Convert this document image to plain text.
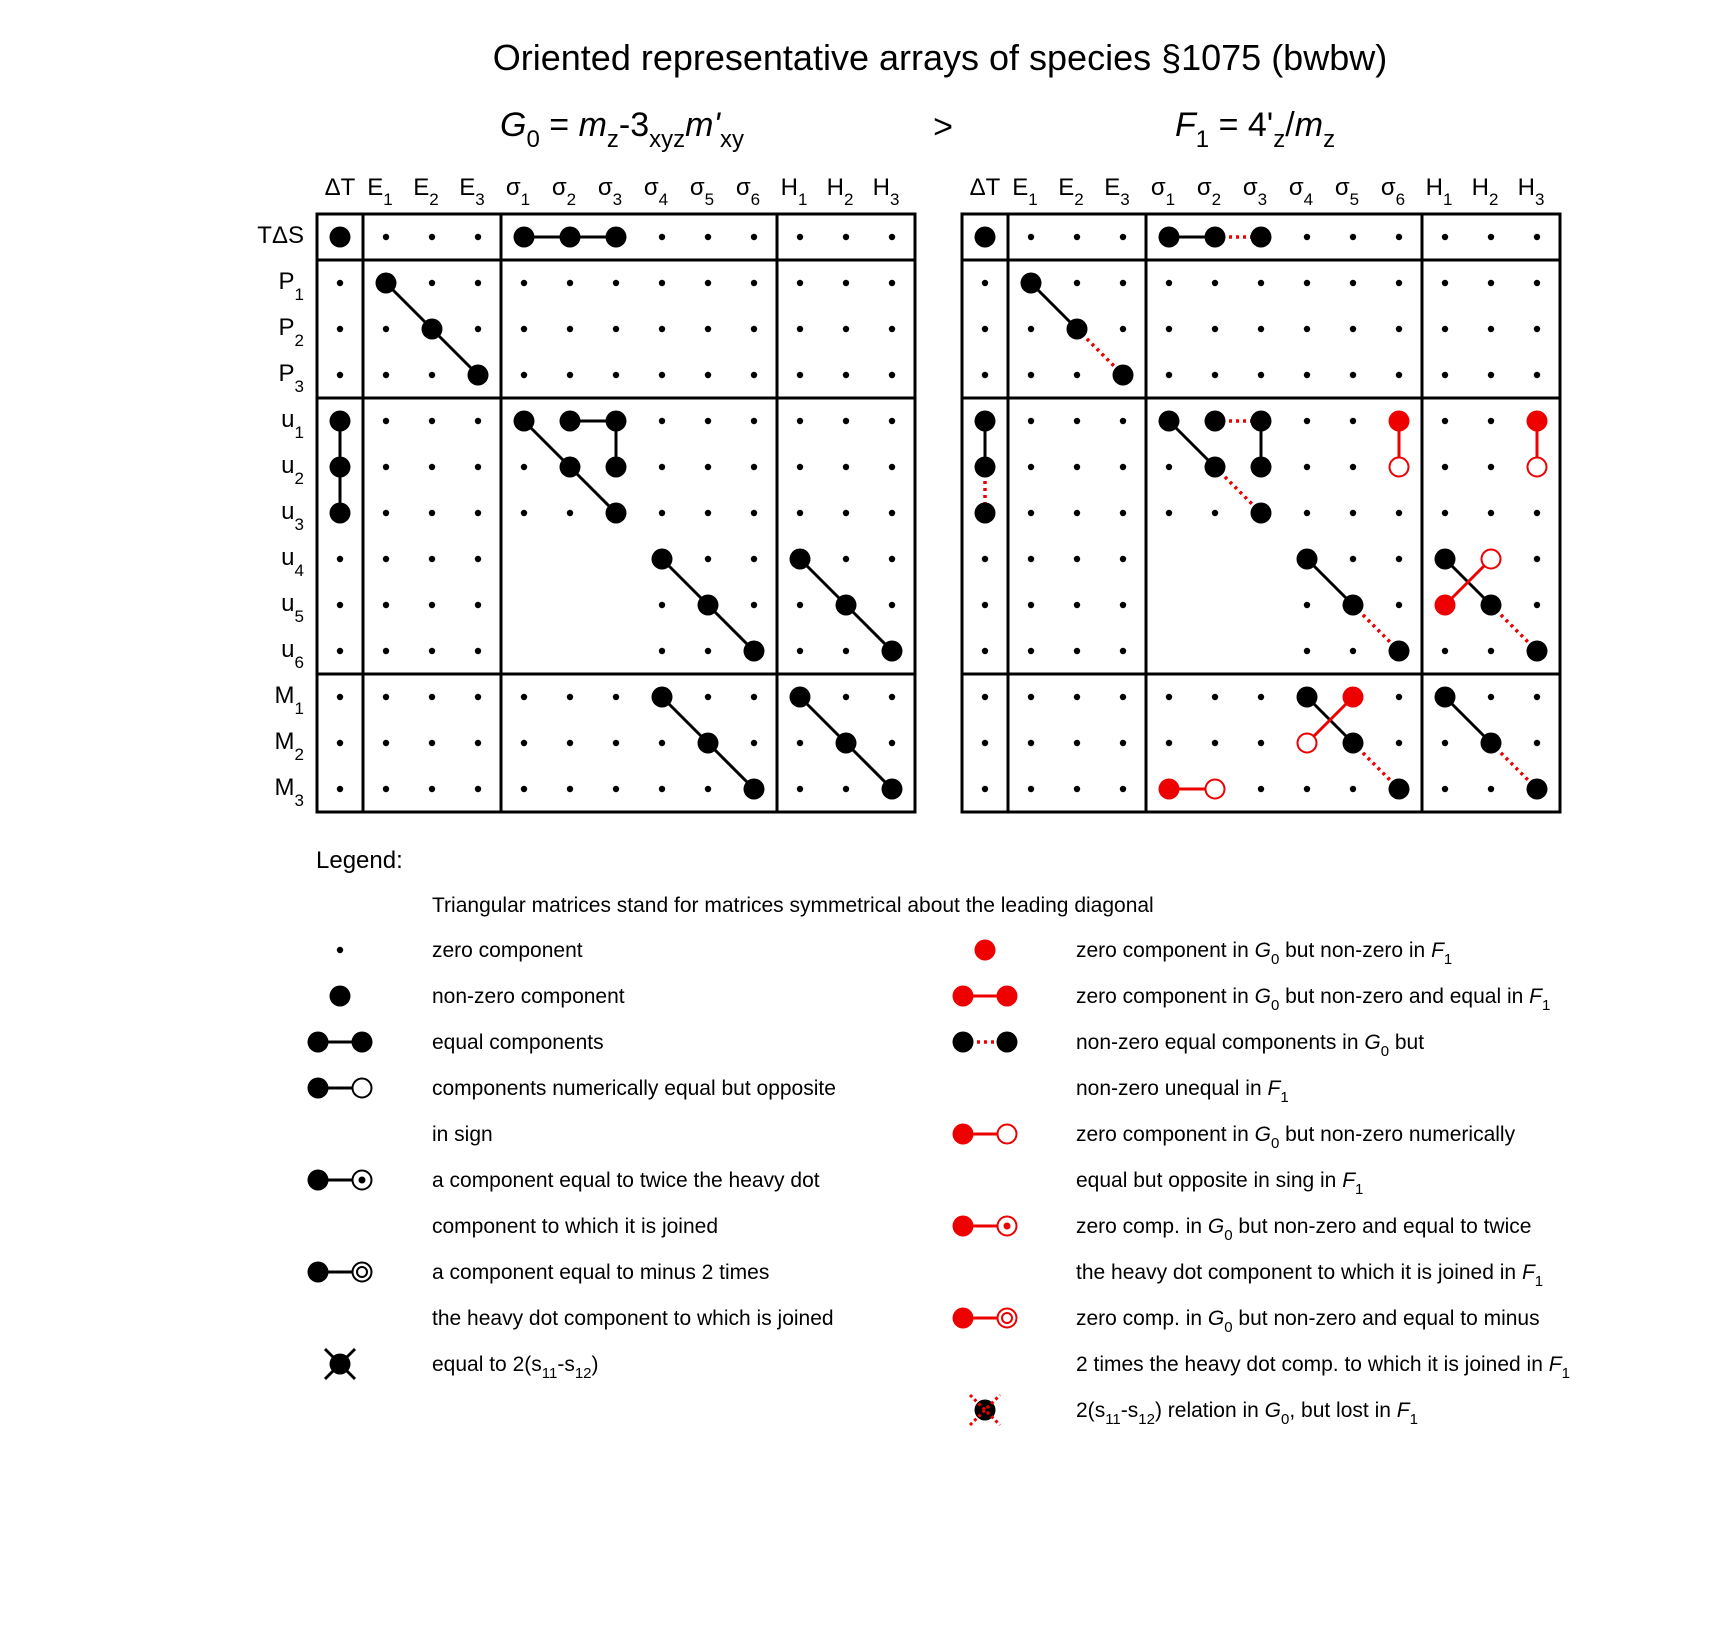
Oriented representative arrays of species §1075 (bwbw)
$G_0 = m_z-3_{xyz}m'_{xy}$	>	$F_1 = 4'_z/m_z$
ΔT $E_1$ $E_2$ $E_3$ $\sigma_1$ $\sigma_2$ $\sigma_3$ $\sigma_4$ $\sigma_5$ $\sigma_6$ $H_1$ $H_2$ $H_3$
TΔS
$P_1$
$P_2$
$P_3$
$u_1$
$u_2$
$u_3$
$u_4$
$u_5$
$u_6$
$M_1$
$M_2$
$M_3$
ΔT $E_1$ $E_2$ $E_3$ $\sigma_1$ $\sigma_2$ $\sigma_3$ $\sigma_4$ $\sigma_5$ $\sigma_6$ $H_1$ $H_2$ $H_3$
Legend:
Triangular matrices stand for matrices symmetrical about the leading diagonal
zero component
non-zero component
equal components
components numerically equal but opposite
in sign
a component equal to twice the heavy dot
component to which it is joined
a component equal to minus 2 times
the heavy dot component to which is joined
equal to $2(s_{11}-s_{12})$
zero component in $G_0$ but non-zero in $F_1$
zero component in $G_0$ but non-zero and equal in $F_1$
non-zero equal components in $G_0$ but
non-zero unequal in $F_1$
zero component in $G_0$ but non-zero numerically
equal but opposite in sing in $F_1$
zero comp. in $G_0$ but non-zero and equal to twice
the heavy dot component to which it is joined in $F_1$
zero comp. in $G_0$ but non-zero and equal to minus
2 times the heavy dot comp. to which it is joined in $F_1$
$2(s_{11}-s_{12})$ relation in $G_0$, but lost in $F_1$
